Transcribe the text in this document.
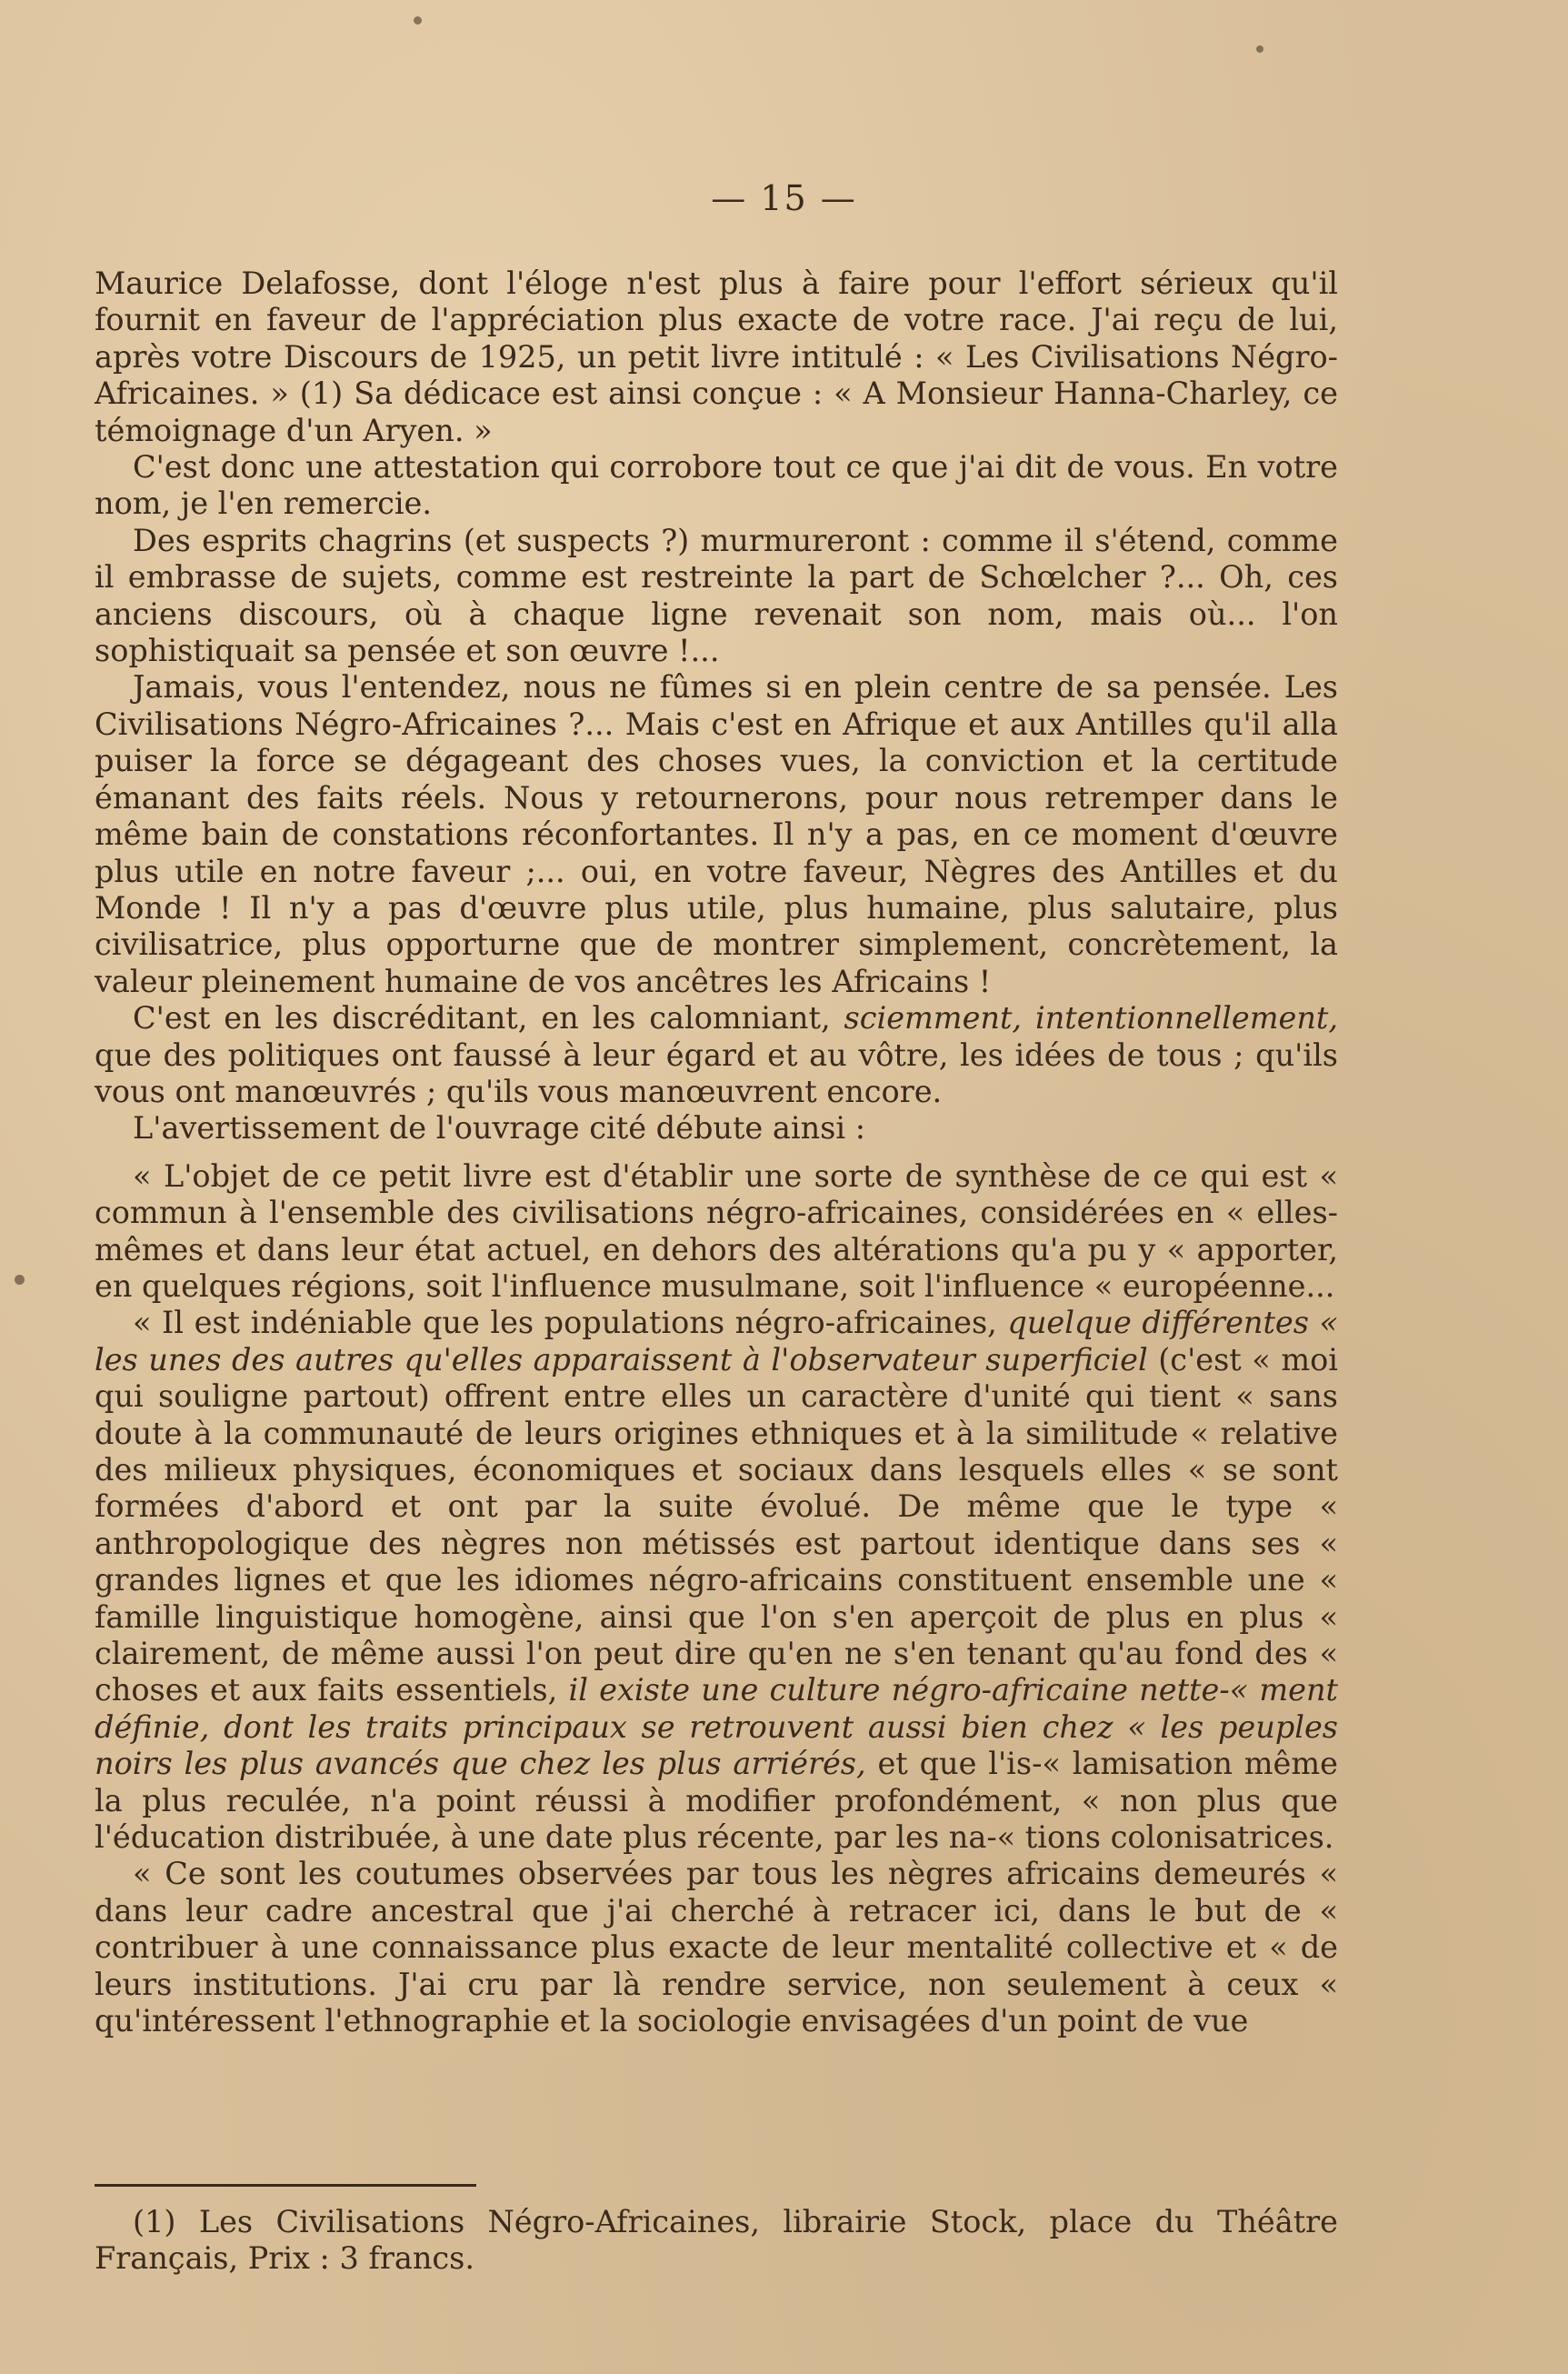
— 15 —

Maurice Delafosse, dont l'éloge n'est plus à faire pour l'effort sérieux qu'il fournit en faveur de l'appréciation plus exacte de votre race. J'ai reçu de lui, après votre Discours de 1925, un petit livre intitulé : « Les Civilisations Négro-Africaines. » (1) Sa dédicace est ainsi conçue : « A Monsieur Hanna-Charley, ce témoignage d'un Aryen. »

C'est donc une attestation qui corrobore tout ce que j'ai dit de vous. En votre nom, je l'en remercie.

Des esprits chagrins (et suspects ?) murmureront : comme il s'étend, comme il embrasse de sujets, comme est restreinte la part de Schœlcher ?... Oh, ces anciens discours, où à chaque ligne revenait son nom, mais où... l'on sophistiquait sa pensée et son œuvre !...

Jamais, vous l'entendez, nous ne fûmes si en plein centre de sa pensée. Les Civilisations Négro-Africaines ?... Mais c'est en Afrique et aux Antilles qu'il alla puiser la force se dégageant des choses vues, la conviction et la certitude émanant des faits réels. Nous y retournerons, pour nous retremper dans le même bain de constations réconfortantes. Il n'y a pas, en ce moment d'œuvre plus utile en notre faveur ;... oui, en votre faveur, Nègres des Antilles et du Monde ! Il n'y a pas d'œuvre plus utile, plus humaine, plus salutaire, plus civilisatrice, plus opporturne que de montrer simplement, concrètement, la valeur pleinement humaine de vos ancêtres les Africains !

C'est en les discréditant, en les calomniant, sciemment, intentionnellement, que des politiques ont faussé à leur égard et au vôtre, les idées de tous ; qu'ils vous ont manœuvrés ; qu'ils vous manœuvrent encore.

L'avertissement de l'ouvrage cité débute ainsi :

« L'objet de ce petit livre est d'établir une sorte de synthèse de ce qui est « commun à l'ensemble des civilisations négro-africaines, considérées en « elles-mêmes et dans leur état actuel, en dehors des altérations qu'a pu y « apporter, en quelques régions, soit l'influence musulmane, soit l'influence « européenne...

« Il est indéniable que les populations négro-africaines, quelque différentes « les unes des autres qu'elles apparaissent à l'observateur superficiel (c'est « moi qui souligne partout) offrent entre elles un caractère d'unité qui tient « sans doute à la communauté de leurs origines ethniques et à la similitude « relative des milieux physiques, économiques et sociaux dans lesquels elles « se sont formées d'abord et ont par la suite évolué. De même que le type « anthropologique des nègres non métissés est partout identique dans ses « grandes lignes et que les idiomes négro-africains constituent ensemble une « famille linguistique homogène, ainsi que l'on s'en aperçoit de plus en plus « clairement, de même aussi l'on peut dire qu'en ne s'en tenant qu'au fond des « choses et aux faits essentiels, il existe une culture négro-africaine nette-« ment définie, dont les traits principaux se retrouvent aussi bien chez « les peuples noirs les plus avancés que chez les plus arriérés, et que l'is-« lamisation même la plus reculée, n'a point réussi à modifier profondément, « non plus que l'éducation distribuée, à une date plus récente, par les na-« tions colonisatrices.

« Ce sont les coutumes observées par tous les nègres africains demeurés « dans leur cadre ancestral que j'ai cherché à retracer ici, dans le but de « contribuer à une connaissance plus exacte de leur mentalité collective et « de leurs institutions. J'ai cru par là rendre service, non seulement à ceux « qu'intéressent l'ethnographie et la sociologie envisagées d'un point de vue

(1) Les Civilisations Négro-Africaines, librairie Stock, place du Théâtre Français, Prix : 3 francs.
